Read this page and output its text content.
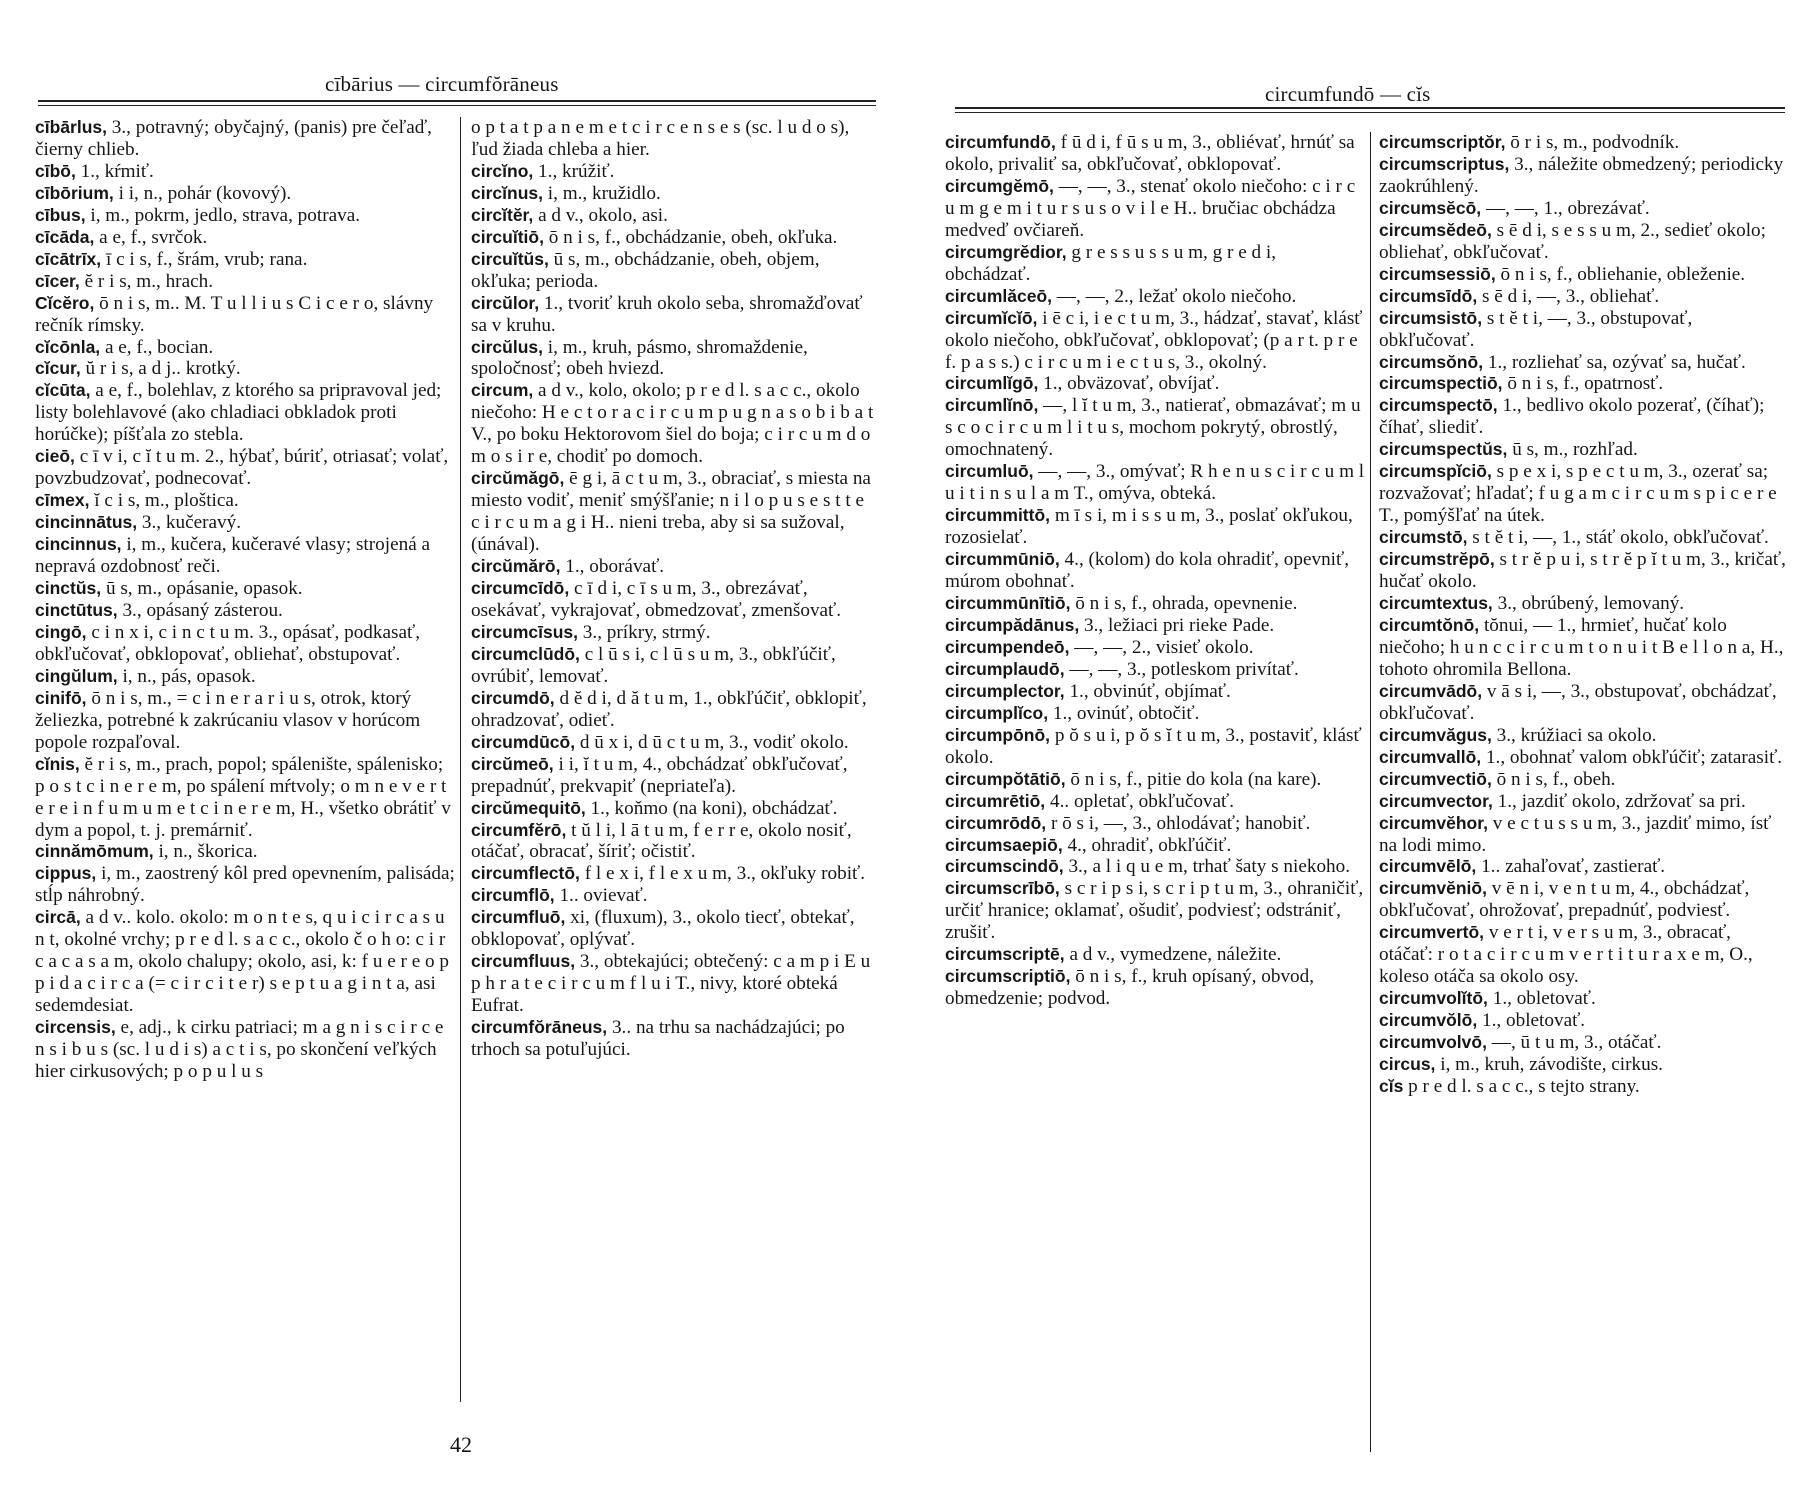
cībārius — circumfŏrāneus

cībārlus, 3., potravný; obyčajný, (panis) pre čeľaď, čierny chlieb.

cībō, 1., kŕmiť.

cībōrium, i i, n., pohár (kovový).

cībus, i, m., pokrm, jedlo, strava, potrava.

cīcāda, a e, f., svrčok.

cīcātrīx, ī c i s, f., šrám, vrub; rana.

cīcer, ĕ r i s, m., hrach.

Cĭcĕro, ō n i s, m.. M. T u l l i u s C i c e r o, slávny rečník rímsky.

cĭcōnla, a e, f., bocian.

cĭcur, ŭ r i s, a d j.. krotký.

cĭcūta, a e, f., bolehlav, z ktorého sa pripravoval jed; listy bolehlavové (ako chladiaci obkladok proti horúčke); píšťala zo stebla.

cieō, c ī v i, c ĭ t u m. 2., hýbať, búriť, otriasať; volať, povzbudzovať, podnecovať.

cīmex, ĭ c i s, m., ploštica.

cincinnātus, 3., kučeravý.

cincinnus, i, m., kučera, kučeravé vlasy; strojená a nepravá ozdobnosť reči.

cinctŭs, ū s, m., opásanie, opasok.

cinctūtus, 3., opásaný zásterou.

cingō, c i n x i, c i n c t u m. 3., opásať, podkasať, obkľučovať, obklopovať, obliehať, obstupovať.

cingŭlum, i, n., pás, opasok.

cinifō, ō n i s, m., = c i n e r a r i u s, otrok, ktorý želiezka, potrebné k zakrúcaniu vlasov v horúcom popole rozpaľoval.

cĭnis, ĕ r i s, m., prach, popol; spálenište, spálenisko; p o s t c i n e r e m, po spálení mŕtvoly; o m n e v e r t e r e i n f u m u m e t c i n e r e m, H., všetko obrátiť v dym a popol, t. j. premárniť.

cinnămōmum, i, n., škorica.

cippus, i, m., zaostrený kôl pred opevnením, palisáda; stĺp náhrobný.

circā, a d v.. kolo. okolo: m o n t e s, q u i c i r c a s u n t, okolné vrchy; p r e d l. s a c c., okolo č o h o: c i r c a c a s a m, okolo chalupy; okolo, asi, k: f u e r e o p p i d a c i r c a (= c i r c i t e r) s e p t u a g i n t a, asi sedemdesiat.

circensis, e, adj., k cirku patriaci; m a g n i s c i r c e n s i b u s (sc. l u d i s) a c t i s, po skončení veľkých hier cirkusových; p o p u l u s

o p t a t p a n e m e t c i r c e n s e s (sc. l u d o s), ľud žiada chleba a hier.

circĭno, 1., krúžiť.

circĭnus, i, m., kružidlo.

circĭtĕr, a d v., okolo, asi.

circuĭtiō, ō n i s, f., obchádzanie, obeh, okľuka.

circuĭtŭs, ū s, m., obchádzanie, obeh, objem, okľuka; perioda.

circŭlor, 1., tvoriť kruh okolo seba, shromažďovať sa v kruhu.

circŭlus, i, m., kruh, pásmo, shromaždenie, spoločnosť; obeh hviezd.

circum, a d v., kolo, okolo; p r e d l. s a c c., okolo niečoho: H e c t o r a c i r c u m p u g n a s o b i b a t V., po boku Hektorovom šiel do boja; c i r c u m d o m o s i r e, chodiť po domoch.

circŭmăgō, ē g i, ā c t u m, 3., obraciať, s miesta na miesto vodiť, meniť smýšľanie; n i l o p u s e s t t e c i r c u m a g i H.. nieni treba, aby si sa sužoval, (únával).

circŭmărō, 1., oborávať.

circumcīdō, c ī d i, c ī s u m, 3., obrezávať, osekávať, vykrajovať, obmedzovať, zmenšovať.

circumcīsus, 3., príkry, strmý.

circumclūdō, c l ū s i, c l ū s u m, 3., obkľúčiť, ovrúbiť, lemovať.

circumdō, d ĕ d i, d ă t u m, 1., obkľúčiť, obklopiť, ohradzovať, odieť.

circumdūcō, d ū x i, d ū c t u m, 3., vodiť okolo.

circŭmeō, i i, ĭ t u m, 4., obchádzať obkľučovať, prepadnúť, prekvapiť (nepriateľa).

circŭmequitō, 1., koňmo (na koni), obchádzať.

circumfĕrō, t ŭ l i, l ā t u m, f e r r e, okolo nosiť, otáčať, obracať, šíriť; očistiť.

circumflectō, f l e x i, f l e x u m, 3., okľuky robiť.

circumflō, 1.. ovievať.

circumfluō, xi, (fluxum), 3., okolo tiecť, obtekať, obklopovať, oplývať.

circumfluus, 3., obtekajúci; obtečený: c a m p i E u p h r a t e c i r c u m f l u i T., nivy, ktoré obteká Eufrat.

circumfŏrāneus, 3.. na trhu sa nachádzajúci; po trhoch sa potuľujúci.

42
circumfundō — cĭs

circumfundō, f ū d i, f ū s u m, 3., obliévať, hrnúť sa okolo, privaliť sa, obkľučovať, obklopovať.

circumgĕmō, —, —, 3., stenať okolo niečoho: c i r c u m g e m i t u r s u s o v i l e H.. bručiac obchádza medveď ovčiareň.

circumgrĕdior, g r e s s u s s u m, g r e d i, obchádzať.

circumlăceō, —, —, 2., ležať okolo niečoho.

circumĭcĭō, i ē c i, i e c t u m, 3., hádzať, stavať, klásť okolo niečoho, obkľučovať, obklopovať; (p a r t. p r e f. p a s s.) c i r c u m i e c t u s, 3., okolný.

circumlĭgō, 1., obväzovať, obvíjať.

circumlĭnō, —, l ĭ t u m, 3., natierať, obmazávať; m u s c o c i r c u m l i t u s, mochom pokrytý, obrostlý, omochnatený.

circumluō, —, —, 3., omývať; R h e n u s c i r c u m l u i t i n s u l a m T., omýva, obteká.

circummittō, m ī s i, m i s s u m, 3., poslať okľukou, rozosielať.

circummūniō, 4., (kolom) do kola ohradiť, opevniť, múrom obohnať.

circummūnītiō, ō n i s, f., ohrada, opevnenie.

circumpădānus, 3., ležiaci pri rieke Pade.

circumpendeō, —, —, 2., visieť okolo.

circumplaudō, —, —, 3., potleskom privítať.

circumplector, 1., obvinúť, objímať.

circumplĭco, 1., ovinúť, obtočiť.

circumpōnō, p ŏ s u i, p ŏ s ĭ t u m, 3., postaviť, klásť okolo.

circumpŏtātiō, ō n i s, f., pitie do kola (na kare).

circumrētiō, 4.. opletať, obkľučovať.

circumrōdō, r ō s i, —, 3., ohlodávať; hanobiť.

circumsaepiō, 4., ohradiť, obkľúčiť.

circumscindō, 3., a l i q u e m, trhať šaty s niekoho.

circumscrībō, s c r i p s i, s c r i p t u m, 3., ohraničiť, určiť hranice; oklamať, ošudiť, podviesť; odstrániť, zrušiť.

circumscriptē, a d v., vymedzene, náležite.

circumscriptiō, ō n i s, f., kruh opísaný, obvod, obmedzenie; podvod.

circumscriptŏr, ō r i s, m., podvodník.

circumscriptus, 3., náležite obmedzený; periodicky zaokrúhlený.

circumsĕcō, —, —, 1., obrezávať.

circumsĕdeō, s ē d i, s e s s u m, 2., sedieť okolo; obliehať, obkľučovať.

circumsessiō, ō n i s, f., obliehanie, obleženie.

circumsīdō, s ē d i, —, 3., obliehať.

circumsistō, s t ĕ t i, —, 3., obstupovať, obkľučovať.

circumsŏnō, 1., rozliehať sa, ozývať sa, hučať.

circumspectiō, ō n i s, f., opatrnosť.

circumspectō, 1., bedlivo okolo pozerať, (číhať); číhať, sliediť.

circumspectŭs, ū s, m., rozhľad.

circumspĭciō, s p e x i, s p e c t u m, 3., ozerať sa; rozvažovať; hľadať; f u g a m c i r c u m s p i c e r e T., pomýšľať na útek.

circumstō, s t ĕ t i, —, 1., stáť okolo, obkľučovať.

circumstrĕpō, s t r ĕ p u i, s t r ĕ p ĭ t u m, 3., kričať, hučať okolo.

circumtextus, 3., obrúbený, lemovaný.

circumtŏnō, tŏnui, — 1., hrmieť, hučať kolo niečoho; h u n c c i r c u m t o n u i t B e l l o n a, H., tohoto ohromila Bellona.

circumvādō, v ā s i, —, 3., obstupovať, obchádzať, obkľučovať.

circumvăgus, 3., krúžiaci sa okolo.

circumvallō, 1., obohnať valom obkľúčiť; zatarasiť.

circumvectiō, ō n i s, f., obeh.

circumvector, 1., jazdiť okolo, zdržovať sa pri.

circumvĕhor, v e c t u s s u m, 3., jazdiť mimo, ísť na lodi mimo.

circumvēlō, 1.. zahaľovať, zastierať.

circumvĕniō, v ē n i, v e n t u m, 4., obchádzať, obkľučovať, ohrožovať, prepadnúť, podviesť.

circumvertō, v e r t i, v e r s u m, 3., obracať, otáčať: r o t a c i r c u m v e r t i t u r a x e m, O., koleso otáča sa okolo osy.

circumvolĭtō, 1., obletovať.

circumvŏlō, 1., obletovať.

circumvolvō, —, ū t u m, 3., otáčať.

circus, i, m., kruh, závodište, cirkus.

cĭs p r e d l. s a c c., s tejto strany.
